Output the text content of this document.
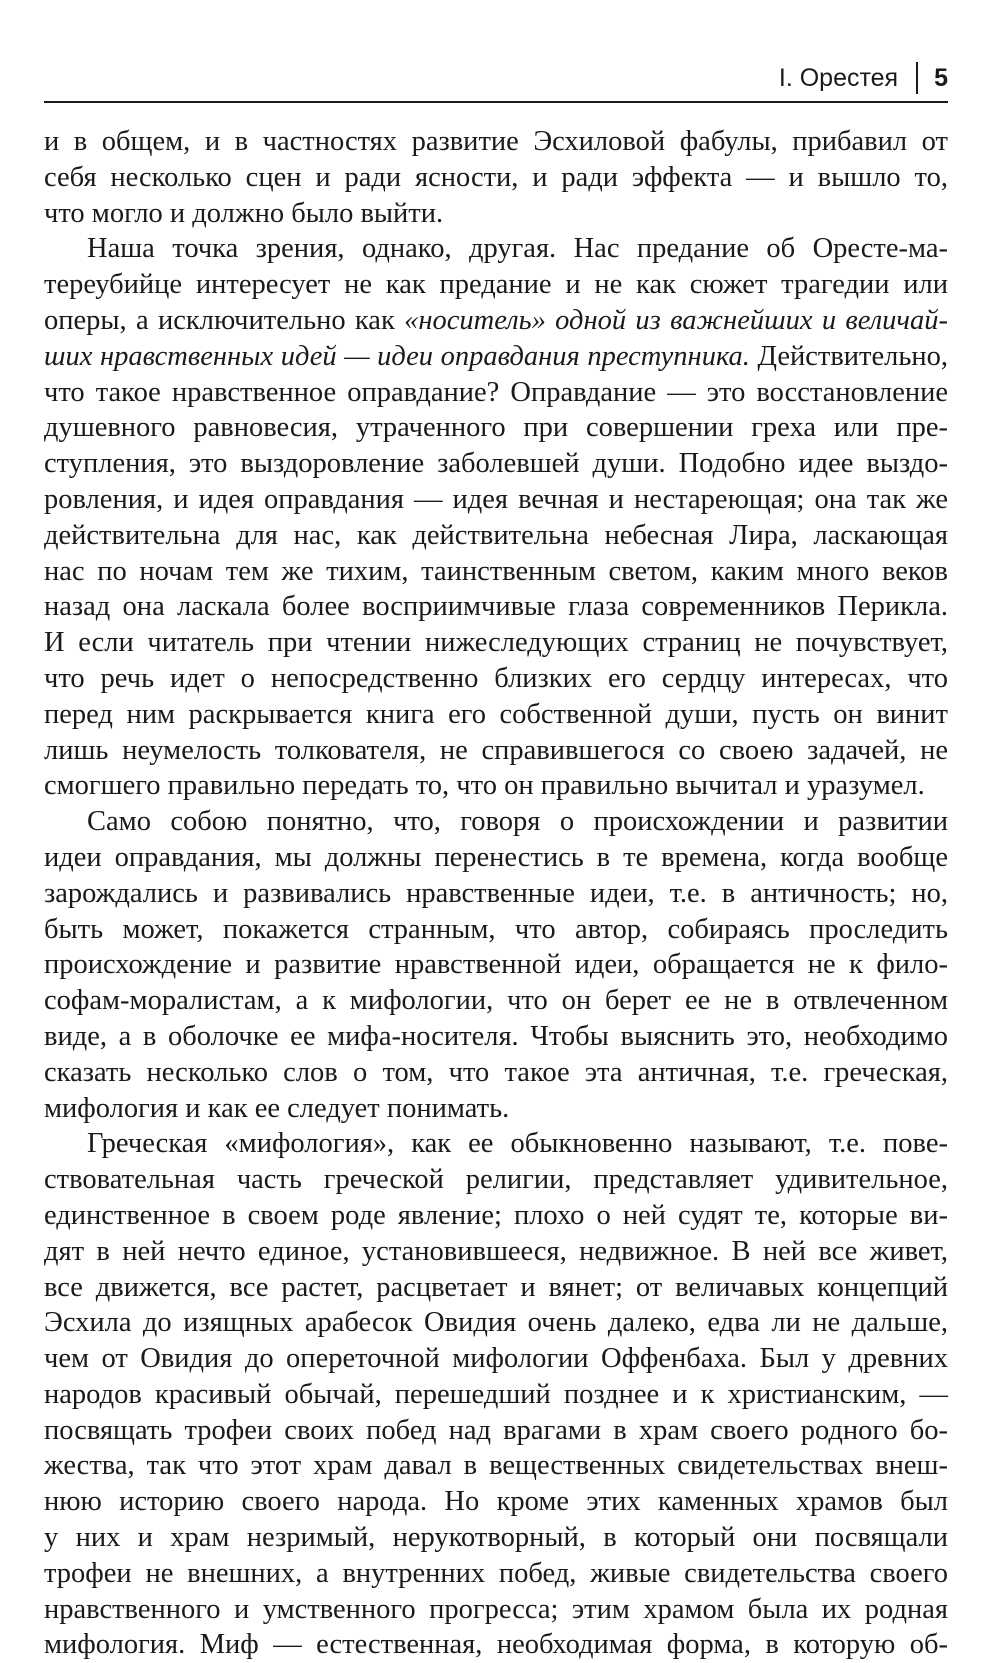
I. Орестея 5
и в общем, и в частностях развитие Эсхиловой фабулы, прибавил от
себя несколько сцен и ради ясности, и ради эффекта — и вышло то,
что могло и должно было выйти.
Наша точка зрения, однако, другая. Нас предание об Оресте-ма-
тереубийце интересует не как предание и не как сюжет трагедии или
оперы, а исключительно как «носитель» одной из важнейших и величай-
ших нравственных идей — идеи оправдания преступника. Действительно,
что такое нравственное оправдание? Оправдание — это восстановление
душевного равновесия, утраченного при совершении греха или пре-
ступления, это выздоровление заболевшей души. Подобно идее выздо-
ровления, и идея оправдания — идея вечная и нестареющая; она так же
действительна для нас, как действительна небесная Лира, ласкающая
нас по ночам тем же тихим, таинственным светом, каким много веков
назад она ласкала более восприимчивые глаза современников Перикла.
И если читатель при чтении нижеследующих страниц не почувствует,
что речь идет о непосредственно близких его сердцу интересах, что
перед ним раскрывается книга его собственной души, пусть он винит
лишь неумелость толкователя, не справившегося со своею задачей, не
смогшего правильно передать то, что он правильно вычитал и уразумел.
Само собою понятно, что, говоря о происхождении и развитии
идеи оправдания, мы должны перенестись в те времена, когда вообще
зарождались и развивались нравственные идеи, т.е. в античность; но,
быть может, покажется странным, что автор, собираясь проследить
происхождение и развитие нравственной идеи, обращается не к фило-
софам-моралистам, а к мифологии, что он берет ее не в отвлеченном
виде, а в оболочке ее мифа-носителя. Чтобы выяснить это, необходимо
сказать несколько слов о том, что такое эта античная, т.е. греческая,
мифология и как ее следует понимать.
Греческая «мифология», как ее обыкновенно называют, т.е. пове-
ствовательная часть греческой религии, представляет удивительное,
единственное в своем роде явление; плохо о ней судят те, которые ви-
дят в ней нечто единое, установившееся, недвижное. В ней все живет,
все движется, все растет, расцветает и вянет; от величавых концепций
Эсхила до изящных арабесок Овидия очень далеко, едва ли не дальше,
чем от Овидия до опереточной мифологии Оффенбаха. Был у древних
народов красивый обычай, перешедший позднее и к христианским, —
посвящать трофеи своих побед над врагами в храм своего родного бо-
жества, так что этот храм давал в вещественных свидетельствах внеш-
нюю историю своего народа. Но кроме этих каменных храмов был
у них и храм незримый, нерукотворный, в который они посвящали
трофеи не внешних, а внутренних побед, живые свидетельства своего
нравственного и умственного прогресса; этим храмом была их родная
мифология. Миф — естественная, необходимая форма, в которую об-
